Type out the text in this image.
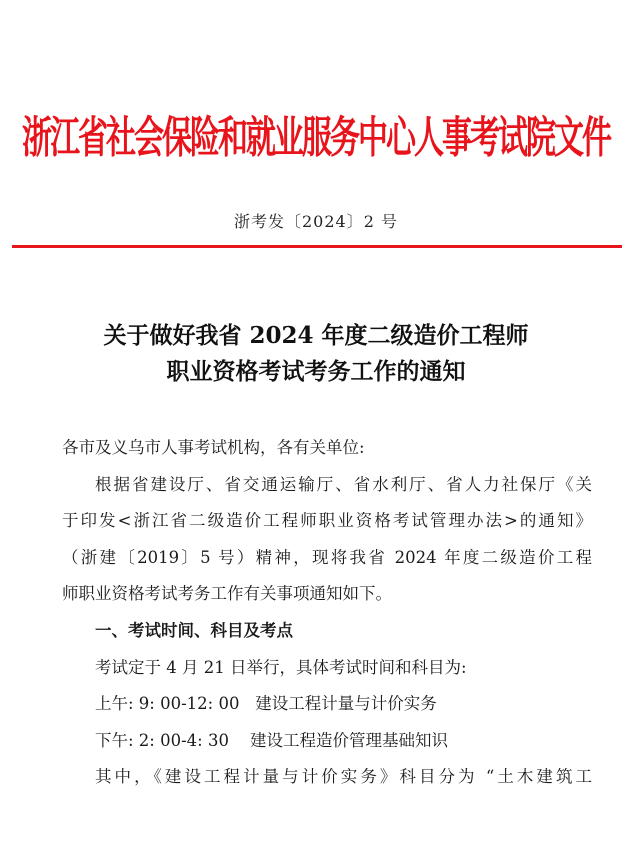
浙江省社会保险和就业服务中心人事考试院文件
浙考发〔2024〕2 号
关于做好我省 2024 年度二级造价工程师
职业资格考试考务工作的通知
各市及义乌市人事考试机构，各有关单位:
根据省建设厅、省交通运输厅、省水利厅、省人力社保厅《关
于印发<浙江省二级造价工程师职业资格考试管理办法>的通知》
（浙建〔2019〕5 号）精神，现将我省 2024 年度二级造价工程
师职业资格考试考务工作有关事项通知如下。
一、考试时间、科目及考点
考试定于 4 月 21 日举行，具体考试时间和科目为:
上午: 9: 00-12: 00   建设工程计量与计价实务
下午: 2: 00-4: 30    建设工程造价管理基础知识
其中，《建设工程计量与计价实务》科目分为 “土木建筑工
